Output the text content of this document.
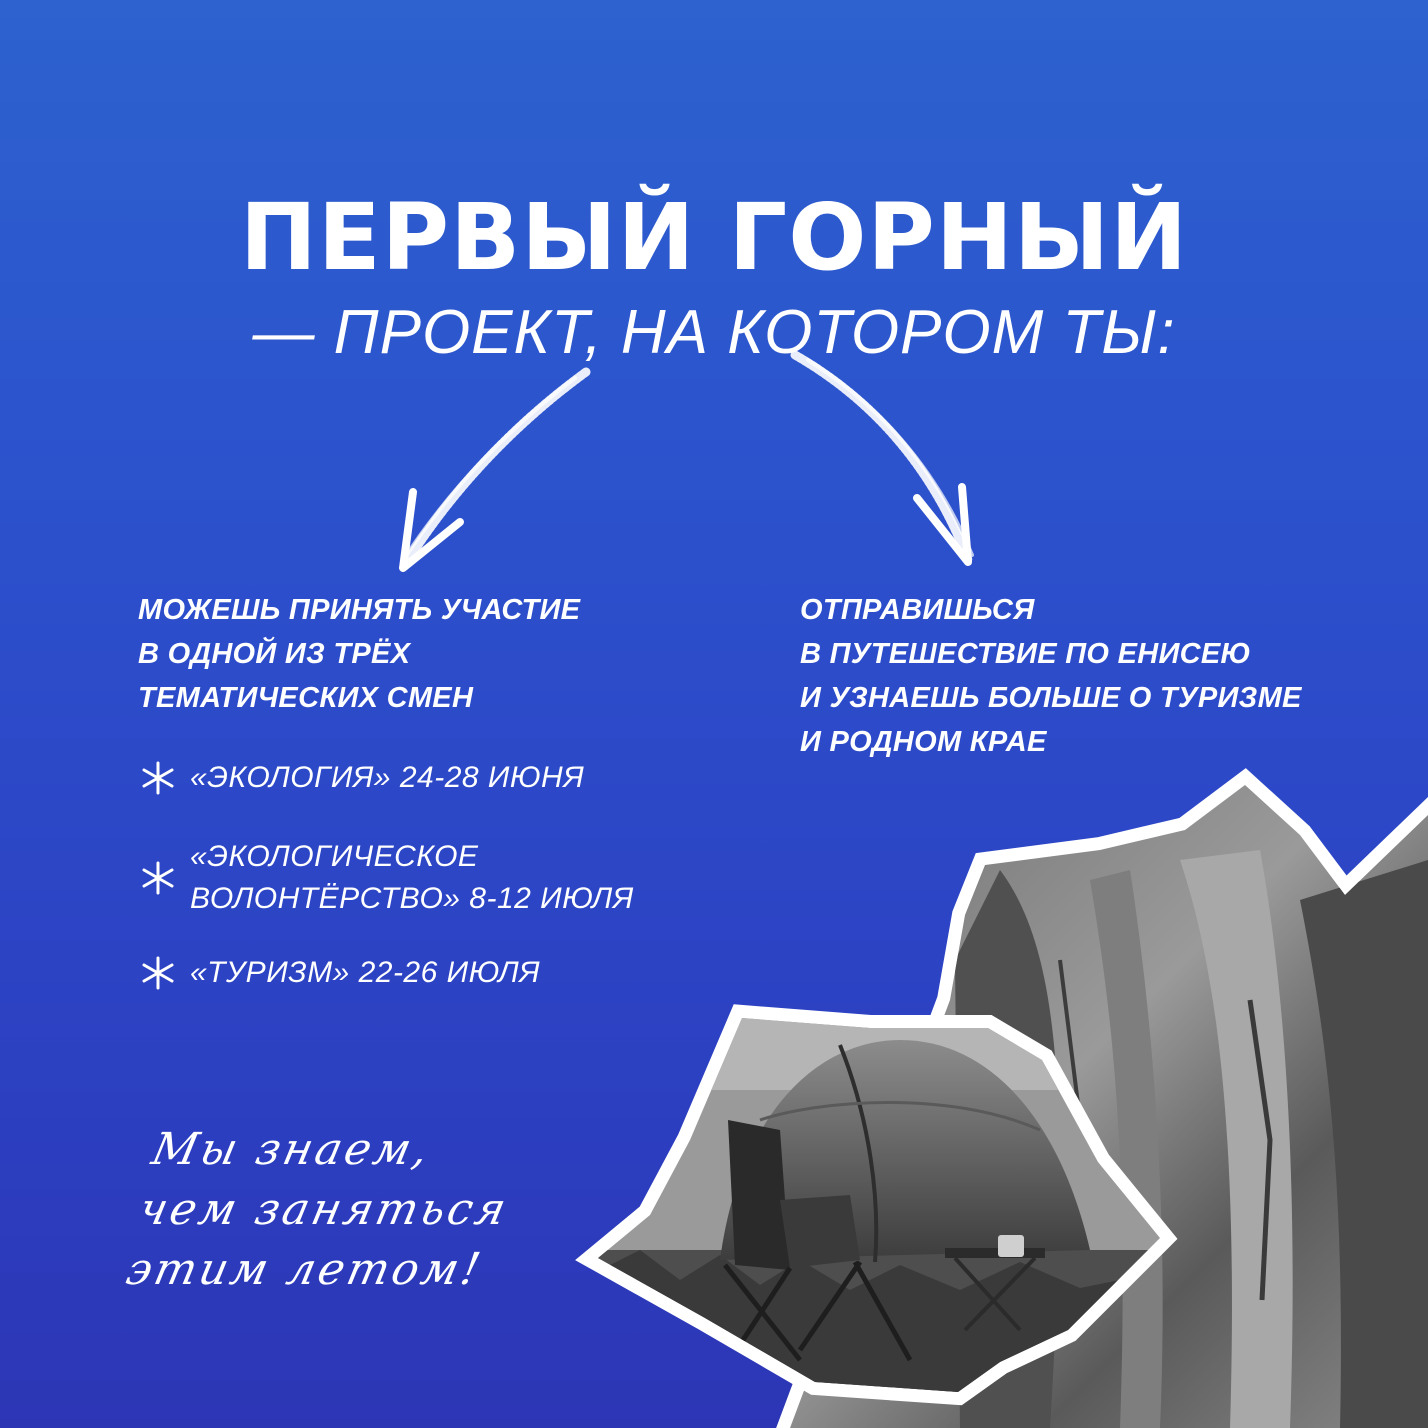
ПЕРВЫЙ ГОРНЫЙ

— ПРОЕКТ, НА КОТОРОМ ТЫ:

МОЖЕШЬ ПРИНЯТЬ УЧАСТИЕ
В ОДНОЙ ИЗ ТРЁХ
ТЕМАТИЧЕСКИХ СМЕН
ОТПРАВИШЬСЯ
В ПУТЕШЕСТВИЕ ПО ЕНИСЕЮ
И УЗНАЕШЬ БОЛЬШЕ О ТУРИЗМЕ
И РОДНОМ КРАЕ
«ЭКОЛОГИЯ» 24-28 ИЮНЯ
«ЭКОЛОГИЧЕСКОЕ
ВОЛОНТЁРСТВО» 8-12 ИЮЛЯ
«ТУРИЗМ» 22-26 ИЮЛЯ
Мы знаем,
чем заняться
этим летом!
